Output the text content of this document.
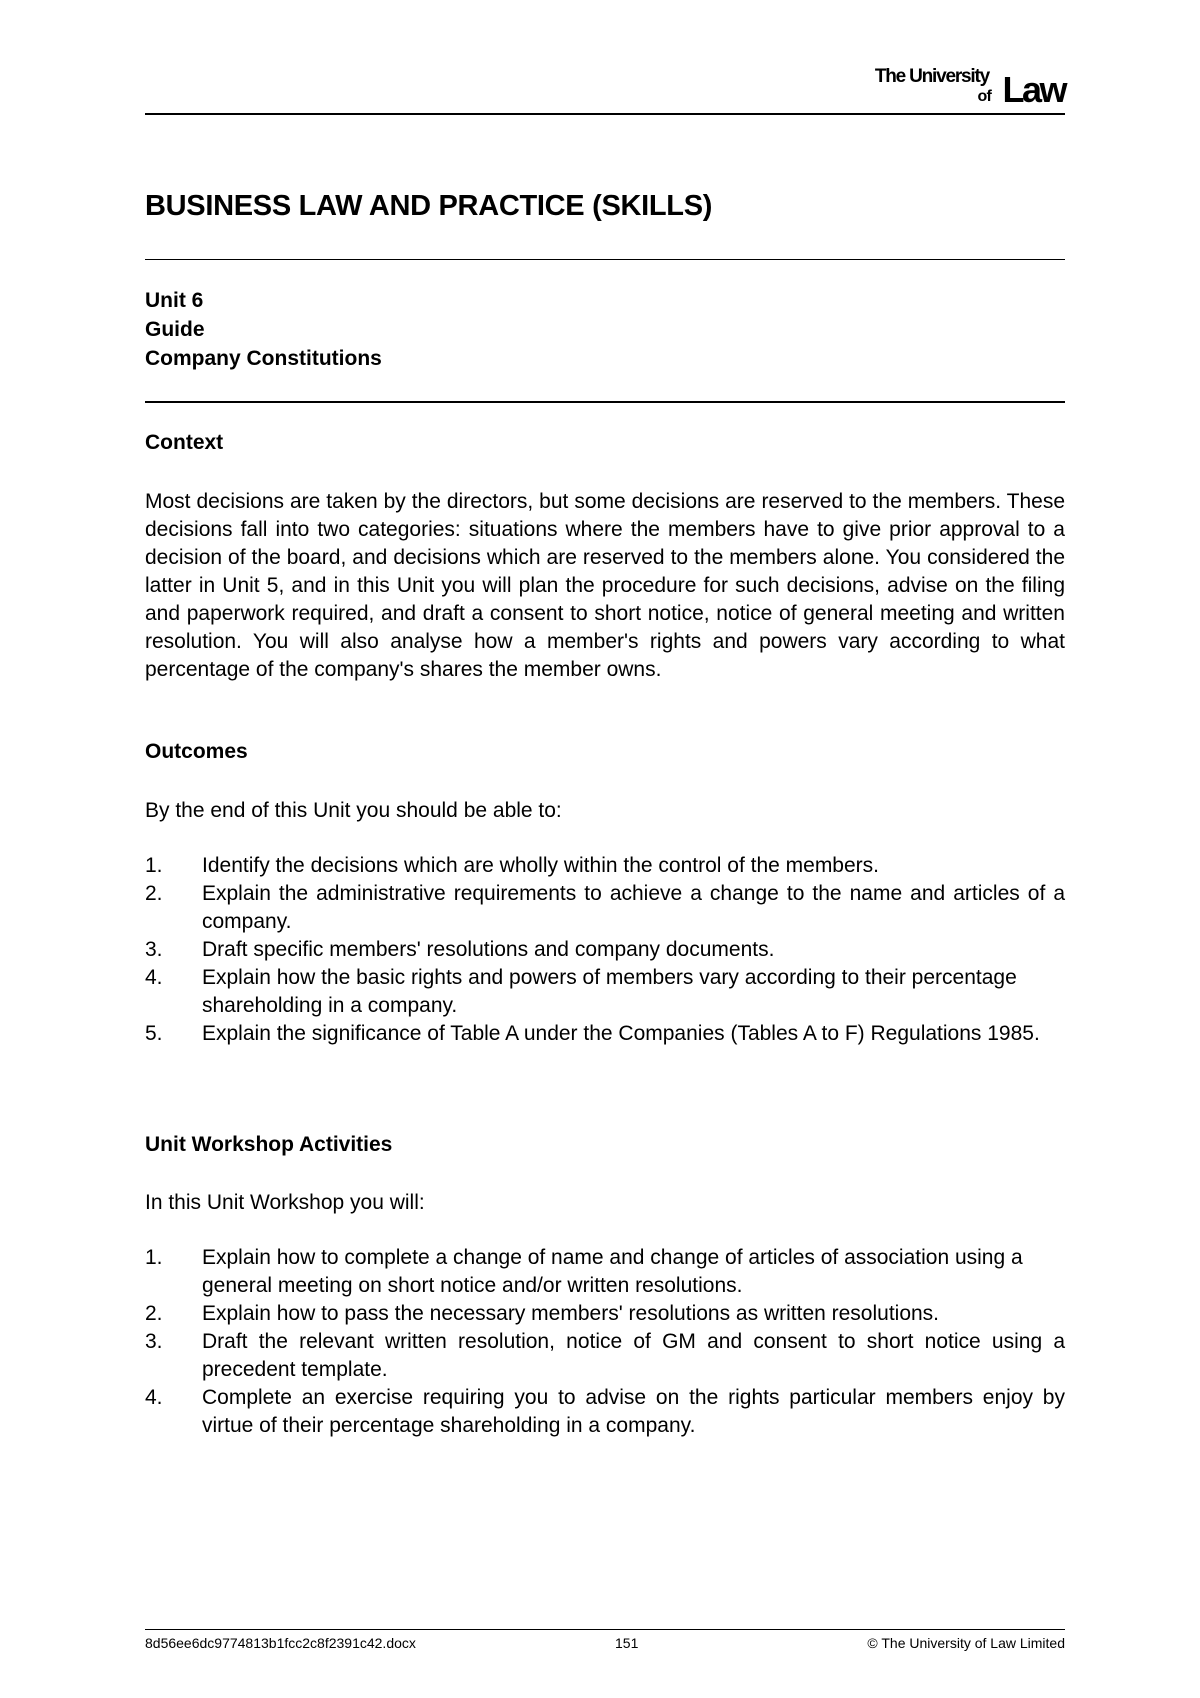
The University
of Law
BUSINESS LAW AND PRACTICE (SKILLS)
Unit 6
Guide
Company Constitutions
Context

Most decisions are taken by the directors, but some decisions are reserved to the members. These decisions fall into two categories: situations where the members have to give prior approval to a decision of the board, and decisions which are reserved to the members alone. You considered the latter in Unit 5, and in this Unit you will plan the procedure for such decisions, advise on the filing and paperwork required, and draft a consent to short notice, notice of general meeting and written resolution. You will also analyse how a member's rights and powers vary according to what percentage of the company's shares the member owns.

Outcomes

By the end of this Unit you should be able to:

1. Identify the decisions which are wholly within the control of the members.
2. Explain the administrative requirements to achieve a change to the name and articles of a company.
3. Draft specific members' resolutions and company documents.
4. Explain how the basic rights and powers of members vary according to their percentage shareholding in a company.
5. Explain the significance of Table A under the Companies (Tables A to F) Regulations 1985.
Unit Workshop Activities

In this Unit Workshop you will:

1. Explain how to complete a change of name and change of articles of association using a general meeting on short notice and/or written resolutions.
2. Explain how to pass the necessary members' resolutions as written resolutions.
3. Draft the relevant written resolution, notice of GM and consent to short notice using a precedent template.
4. Complete an exercise requiring you to advise on the rights particular members enjoy by virtue of their percentage shareholding in a company.
8d56ee6dc9774813b1fcc2c8f2391c42.docx	151	© The University of Law Limited
